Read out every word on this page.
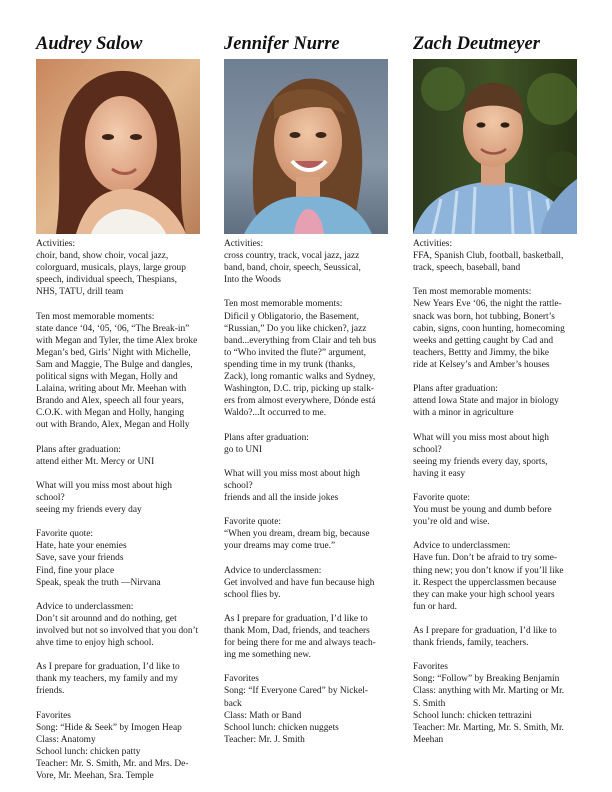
Audrey Salow
Activities:
choir, band, show choir, vocal jazz,
colorguard, musicals, plays, large group
speech, individual speech, Thespians,
NHS, TATU, drill team
Ten most memorable moments:
state dance ‘04, ‘05, ‘06, “The Break-in”
with Megan and Tyler, the time Alex broke
Megan’s bed, Girls’ Night with Michelle,
Sam and Maggie, The Bulge and dangles,
political signs with Megan, Holly and
Lalaina, writing about Mr. Meehan with
Brando and Alex, speech all four years,
C.O.K. with Megan and Holly, hanging
out with Brando, Alex, Megan and Holly
Plans after graduation:
attend either Mt. Mercy or UNI
What will you miss most about high
school?
seeing my friends every day
Favorite quote:
Hate, hate your enemies
Save, save your friends
Find, fine your place
Speak, speak the truth —Nirvana
Advice to underclassmen:
Don’t sit arounnd and do nothing, get
involved but not so involved that you don’t
ahve time to enjoy high school.
As I prepare for graduation, I’d like to
thank my teachers, my family and my
friends.
Favorites
Song: “Hide & Seek” by Imogen Heap
Class: Anatomy
School lunch: chicken patty
Teacher: Mr. S. Smith, Mr. and Mrs. De-
Vore, Mr. Meehan, Sra. Temple
Jennifer Nurre
Activities:
cross country, track, vocal jazz, jazz
band, band, choir, speech, Seussical,
Into the Woods
Ten most memorable moments:
Dificil y Obligatorio, the Basement,
“Russian,” Do you like chicken?, jazz
band...everything from Clair and teh bus
to “Who invited the flute?” argument,
spending time in my trunk (thanks,
Zack), long romantic walks and Sydney,
Washington, D.C. trip, picking up stalk-
ers from almost everywhere, Dónde está
Waldo?...It occurred to me.
Plans after graduation:
go to UNI
What will you miss most about high
school?
friends and all the inside jokes
Favorite quote:
“When you dream, dream big, because
your dreams may come true.”
Advice to underclassmen:
Get involved and have fun because high
school flies by.
As I prepare for graduation, I’d like to
thank Mom, Dad, friends, and teachers
for being there for me and always teach-
ing me something new.
Favorites
Song: “If Everyone Cared” by Nickel-
back
Class: Math or Band
School lunch: chicken nuggets
Teacher: Mr. J. Smith
Zach Deutmeyer
Activities:
FFA, Spanish Club, football, basketball,
track, speech, baseball, band
Ten most memorable moments:
New Years Eve ‘06, the night the rattle-
snack was born, hot tubbing, Bonert’s
cabin, signs, coon hunting, homecoming
weeks and getting caught by Cad and
teachers, Bettty and Jimmy, the bike
ride at Kelsey’s and Amber’s houses
Plans after graduation:
attend Iowa State and major in biology
with a minor in agriculture
What will you miss most about high
school?
seeing my friends every day, sports,
having it easy
Favorite quote:
You must be young and dumb before
you’re old and wise.
Advice to underclassmen:
Have fun. Don’t be afraid to try some-
thing new; you don’t know if you’ll like
it. Respect the upperclassmen because
they can make your high school years
fun or hard.
As I prepare for graduation, I’d like to
thank friends, family, teachers.
Favorites
Song: “Follow” by Breaking Benjamin
Class: anything with Mr. Marting or Mr.
S. Smith
School lunch: chicken tettrazini
Teacher: Mr. Marting, Mr. S. Smith, Mr.
Meehan
